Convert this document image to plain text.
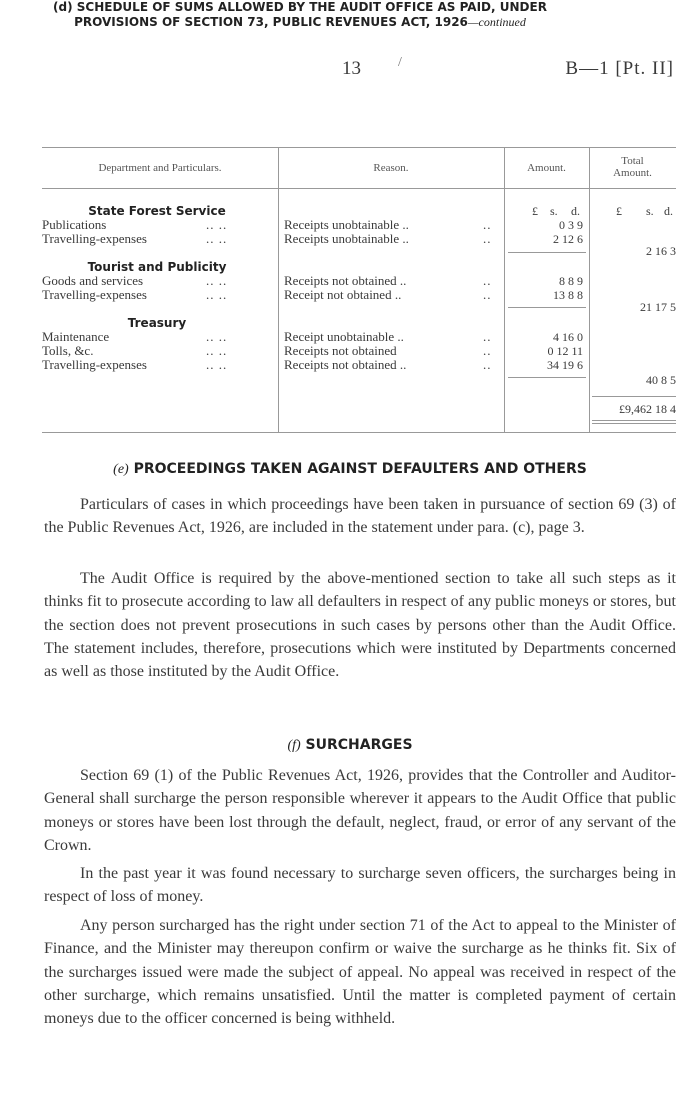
13	/	B—1 [Pt. II]
(d) SCHEDULE OF SUMS ALLOWED BY THE AUDIT OFFICE AS PAID, UNDER
PROVISIONS OF SECTION 73, PUBLIC REVENUES ACT, 1926—continued
Department and Particulars.	Reason.	Amount.
Total
Amount.
£ s. d.	£ s. d.
State Forest Service
Publications	.. ..	Receipts unobtainable ..	..	0 3 9
Travelling-expenses	.. ..	Receipts unobtainable ..	..	2 12 6
2 16 3
Tourist and Publicity
Goods and services	.. ..	Receipts not obtained ..	..	8 8 9
Travelling-expenses	.. ..	Receipt not obtained ..	..	13 8 8
21 17 5
Treasury
Maintenance	.. ..	Receipt unobtainable ..	..	4 16 0
Tolls, &c.	.. ..	Receipts not obtained	..	0 12 11
Travelling-expenses	.. ..	Receipts not obtained ..	..	34 19 6
40 8 5
£9,462 18 4
(e) PROCEEDINGS TAKEN AGAINST DEFAULTERS AND OTHERS
Particulars of cases in which proceedings have been taken in pursuance of section 69 (3) of the Public Revenues Act, 1926, are included in the statement under para. (c), page 3.
The Audit Office is required by the above-mentioned section to take all such steps as it thinks fit to prosecute according to law all defaulters in respect of any public moneys or stores, but the section does not prevent prosecutions in such cases by persons other than the Audit Office. The statement includes, therefore, prosecutions which were instituted by Departments concerned as well as those instituted by the Audit Office.
(f) SURCHARGES
Section 69 (1) of the Public Revenues Act, 1926, provides that the Controller and Auditor-General shall surcharge the person responsible wherever it appears to the Audit Office that public moneys or stores have been lost through the default, neglect, fraud, or error of any servant of the Crown.
In the past year it was found necessary to surcharge seven officers, the surcharges being in respect of loss of money.
Any person surcharged has the right under section 71 of the Act to appeal to the Minister of Finance, and the Minister may thereupon confirm or waive the surcharge as he thinks fit. Six of the surcharges issued were made the subject of appeal. No appeal was received in respect of the other surcharge, which remains unsatisfied. Until the matter is completed payment of certain moneys due to the officer concerned is being withheld.
